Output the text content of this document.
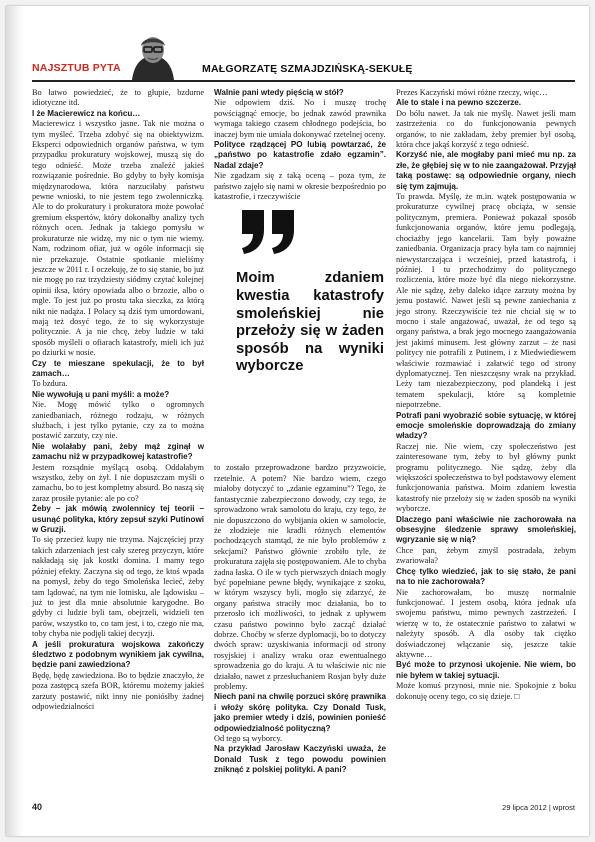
NAJSZTUB PYTA	MAŁGORZATĘ SZMAJDZIŃSKĄ-SEKUŁĘ

Bo łatwo powiedzieć, że to głupie, bzdurne idiotyczne itd.

I że Macierewicz na końcu…

Macierewicz i wszystko jasne. Tak nie można o tym myśleć. Trzeba zdobyć się na obiektywizm. Eksperci odpowiednich organów państwa, w tym przypadku prokuratury wojskowej, muszą się do tego odnieść. Może trzeba znaleźć jakieś rozwiązanie pośrednie. Bo gdyby to były komisja międzynarodowa, która narzuciłaby państwu pewne wnioski, to nie jestem tego zwolenniczką. Ale to do prokuratury i prokuratora może powołać gremium ekspertów, który dokonałby analizy tych różnych ocen. Jednak ja takiego pomysłu w prokuraturze nie widzę, my nic o tym nie wiemy. Nam, rodzinom ofiar, już w ogóle informacji się nie przekazuje. Ostatnie spotkanie mieliśmy jeszcze w 2011 r. I oczekuję, że to się stanie, bo już nie mogę po raz trzydziesty siódmy czytać kolejnej opinii iksa, który opowiada albo o brzozie, albo o mgle. To jest już po prostu taka sieczka, za którą nikt nie nadąża. I Polacy są dziś tym umordowani, mają też dosyć tego, że to się wykorzystuje politycznie. A ja nie chcę, żeby ludzie w taki sposób myśleli o ofiarach katastrofy, mieli ich już po dziurki w nosie.

Czy te mieszane spekulacji, że to był zamach…

To bzdura.

Nie wywołują u pani myśli: a może?

Nie. Mogę mówić tylko o ogromnych zaniedbaniach, różnego rodzaju, w różnych służbach, i jest tylko pytanie, czy za to można postawić zarzuty, czy nie.

Nie wolałaby pani, żeby mąż zginął w zamachu niż w przypadkowej katastrofie?

Jestem rozsądnie myślącą osobą. Oddałabym wszystko, żeby on żył. I nie dopuszczam myśli o zamachu, bo to jest kompletny absurd. Bo naszą się zaraz prosiłe pytanie: ale po co?

Żeby – jak mówią zwolennicy tej teorii – usunąć polityka, który zepsuł szyki Putinowi w Gruzji.

To się przecież kupy nie trzyma. Najczęściej przy takich zdarzeniach jest cały szereg przyczyn, które nakładają się jak kostki domina. I mamy tego później efekty. Zaczyna się od tego, że ktoś wpada na pomysł, żeby do tego Smoleńska lecieć, żeby tam lądować, na tym nie lotnisku, ale lądowisku – już to jest dla mnie absolutnie karygodne. Bo gdyby ci ludzie byli tam, obejrzeli, widzieli ten parów, wszystko to, co tam jest, i to, czego nie ma, toby chyba nie podjęli takiej decyzji.

A jeśli prokuratura wojskowa zakończy śledztwo z podobnym wynikiem jak cywilna, będzie pani zawiedziona?

Będę, będę zawiedziona. Bo to będzie znaczyło, że poza zastępcą szefa BOR, któremu możemy jakieś zarzuty postawić, nikt inny nie poniósłby żadnej odpowiedzialności

Walnie pani wtedy pięścią w stół?

Nie odpowiem dziś. No i muszę trochę powściągnąć emocje, bo jednak zawód prawnika wymaga takiego czasem chłodnego podejścia, bo inaczej bym nie umiała dokonywać rzetelnej oceny.

Polityce rządzącej PO lubią powtarzać, że „państwo po katastrofie zdało egzamin”. Nadal zdaje?

Nie zgadzam się z taką oceną – poza tym, że państwo zajęło się nami w okresie bezpośrednio po katastrofie, i rzeczywiście

Moim zdaniem kwestia katastrofy smoleńskiej nie przełoży się w żaden sposób na wyniki wyborcze

to zostało przeprowadzone bardzo przyzwoicie, rzetelnie. A potem? Nie bardzo wiem, czego miałoby dotyczyć to „zdanie egzaminu”? Tego, że fantastycznie zabezpieczono dowody, czy tego, że sprowadzono wrak samolotu do kraju, czy tego, że nie dopuszczono do wybijania okien w samolocie, że złodzieje nie kradli różnych elementów pochodzących stamtąd, że nie było problemów z sekcjami? Państwo głównie zrobiło tyle, że prokuratura zajęła się postępowaniem. Ale to chyba żadna łaska. O ile w tych pierwszych dniach mogły być popełniane pewne błędy, wynikające z szoku, w którym wszyscy byli, mogło się zdarzyć, że organy państwa straciły moc działania, bo to przerosło ich możliwości, to jednak z upływem czasu państwo powinno było zacząć działać dobrze. Choćby w sferze dyplomacji, bo to dotyczy dwóch spraw: uzyskiwania informacji od strony rosyjskiej i analizy wraku oraz ewentualnego sprowadzenia go do kraju. A tu właściwie nic nie działało, nawet z przesłuchaniem Rosjan były duże problemy.

Niech pani na chwilę porzuci skórę prawnika i włoży skórę polityka. Czy Donald Tusk, jako premier wtedy i dziś, powinien ponieść odpowiedzialność polityczną?

Od tego są wyborcy.

Na przykład Jarosław Kaczyński uważa, że Donald Tusk z tego powodu powinien zniknąć z polskiej polityki. A pani?

Prezes Kaczyński mówi różne rzeczy, więc…

Ale to stale i na pewno szczerze.

Do bólu nawet. Ja tak nie myślę. Nawet jeśli mam zastrzeżenia co do funkcjonowania pewnych organów, to nie zakładam, żeby premier był osobą, która chce jakąś korzyść z tego odnieść.

Korzyść nie, ale mogłaby pani mieć mu np. za złe, że głębiej się w to nie zaangażował. Przyjął taką postawę: są odpowiednie organy, niech się tym zajmują.

To prawda. Myślę, że m.in. wątek postępowania w prokuraturze cywilnej pracę obciąża, w sensie politycznym, premiera. Ponieważ pokazał sposób funkcjonowania organów, które jemu podlegają, chociażby jego kancelarii. Tam były poważne zaniedbania. Organizacja pracy była tam co najmniej niewystarczająca i wcześniej, przed katastrofą, i później. I tu przechodzimy do politycznego rozliczenia, które może być dla niego niekorzystne. Ale nie sądzę, żeby daleko idące zarzuty można by jemu postawić. Nawet jeśli są pewne zaniechania z jego strony. Rzeczywiście też nie chciał się w to mocno i stale angażować, uważał, że od tego są organy państwa, a brak jego mocnego zaangażowania jest jakimś minusem. Jest główny zarzut – że nasi politycy nie potrafili z Putinem, i z Miedwiediewem właściwie rozmawiać i załatwić tego od strony dyplomatycznej. Ten nieszczęsny wrak na przykład. Leży tam niezabezpieczony, pod plandeką i jest tematem spekulacji, które są kompletnie niepotrzebne.

Potrafi pani wyobrazić sobie sytuację, w której emocje smoleńskie doprowadzają do zmiany władzy?

Raczej nie. Nie wiem, czy społeczeństwo jest zainteresowane tym, żeby to był główny punkt programu politycznego. Nie sądzę, żeby dla większości społeczeństwa to był podstawowy element funkcjonowania państwa. Moim zdaniem kwestia katastrofy nie przełoży się w żaden sposób na wyniki wyborcze.

Dlaczego pani właściwie nie zachorowała na obsesyjne śledzenie sprawy smoleńskiej, wgryzanie się w nią?

Chce pan, żebym zmyśl postradała, żebym zwariowała?

Chcę tylko wiedzieć, jak to się stało, że pani na to nie zachorowała?

Nie zachorowałam, bo muszę normalnie funkcjonować. I jestem osobą, która jednak ufa swojemu państwu, mimo pewnych zastrzeżeń. I wierzę w to, że ostatecznie państwo to załatwi w należyty sposób. A dla osoby tak ciężko doświadczonej włączanie się, jeszcze takie aktywne…

Być może to przynosi ukojenie. Nie wiem, bo nie byłem w takiej sytuacji.

Może komuś przynosi, mnie nie. Spokojnie z boku dokonuję oceny tego, co się dzieje. □

40	29 lipca 2012 | wprost
